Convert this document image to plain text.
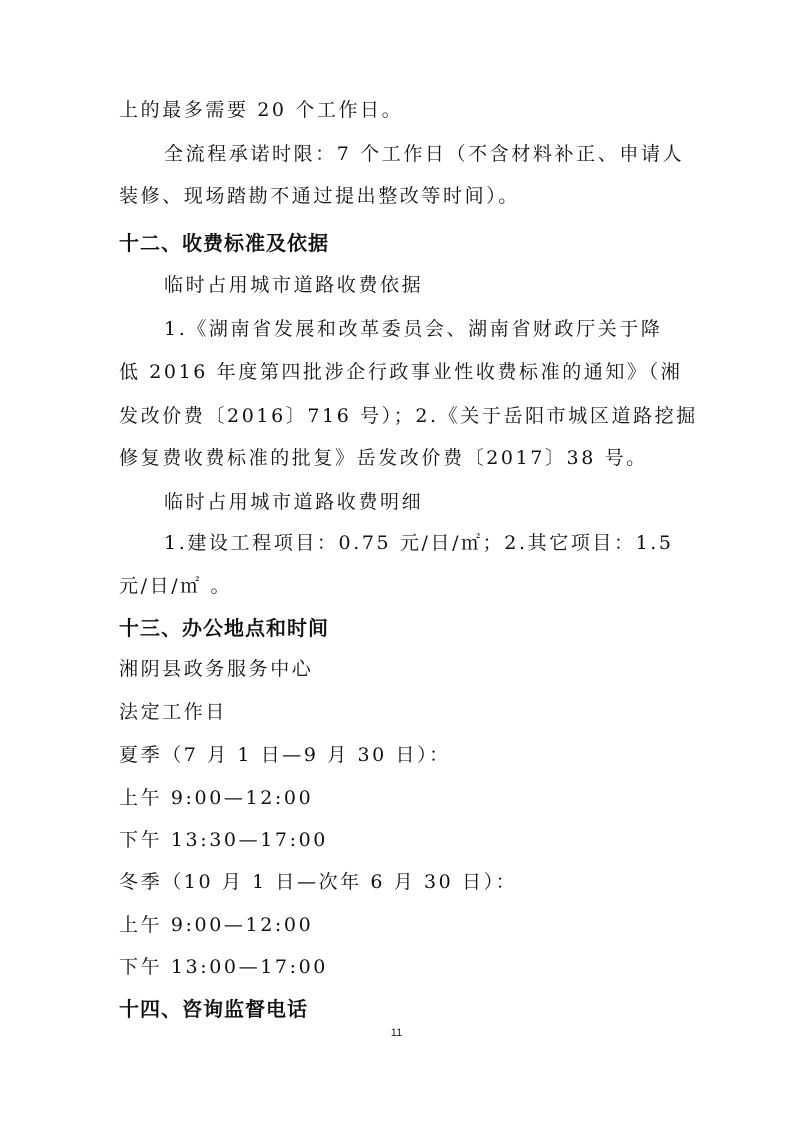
上的最多需要 20 个工作日。
全流程承诺时限：7 个工作日（不含材料补正、申请人
装修、现场踏勘不通过提出整改等时间）。
十二、收费标准及依据
临时占用城市道路收费依据
1.《湖南省发展和改革委员会、湖南省财政厅关于降
低 2016 年度第四批涉企行政事业性收费标准的通知》（湘
发改价费〔2016〕716 号）；2.《关于岳阳市城区道路挖掘
修复费收费标准的批复》岳发改价费〔2017〕38 号。
临时占用城市道路收费明细
1.建设工程项目：0.75 元/日/㎡；2.其它项目：1.5
元/日/㎡ 。
十三、办公地点和时间
湘阴县政务服务中心
法定工作日
夏季（7 月 1 日—9 月 30 日）：
上午 9:00—12:00
下午 13:30—17:00
冬季（10 月 1 日—次年 6 月 30 日）：
上午 9:00—12:00
下午 13:00—17:00
十四、咨询监督电话
11
